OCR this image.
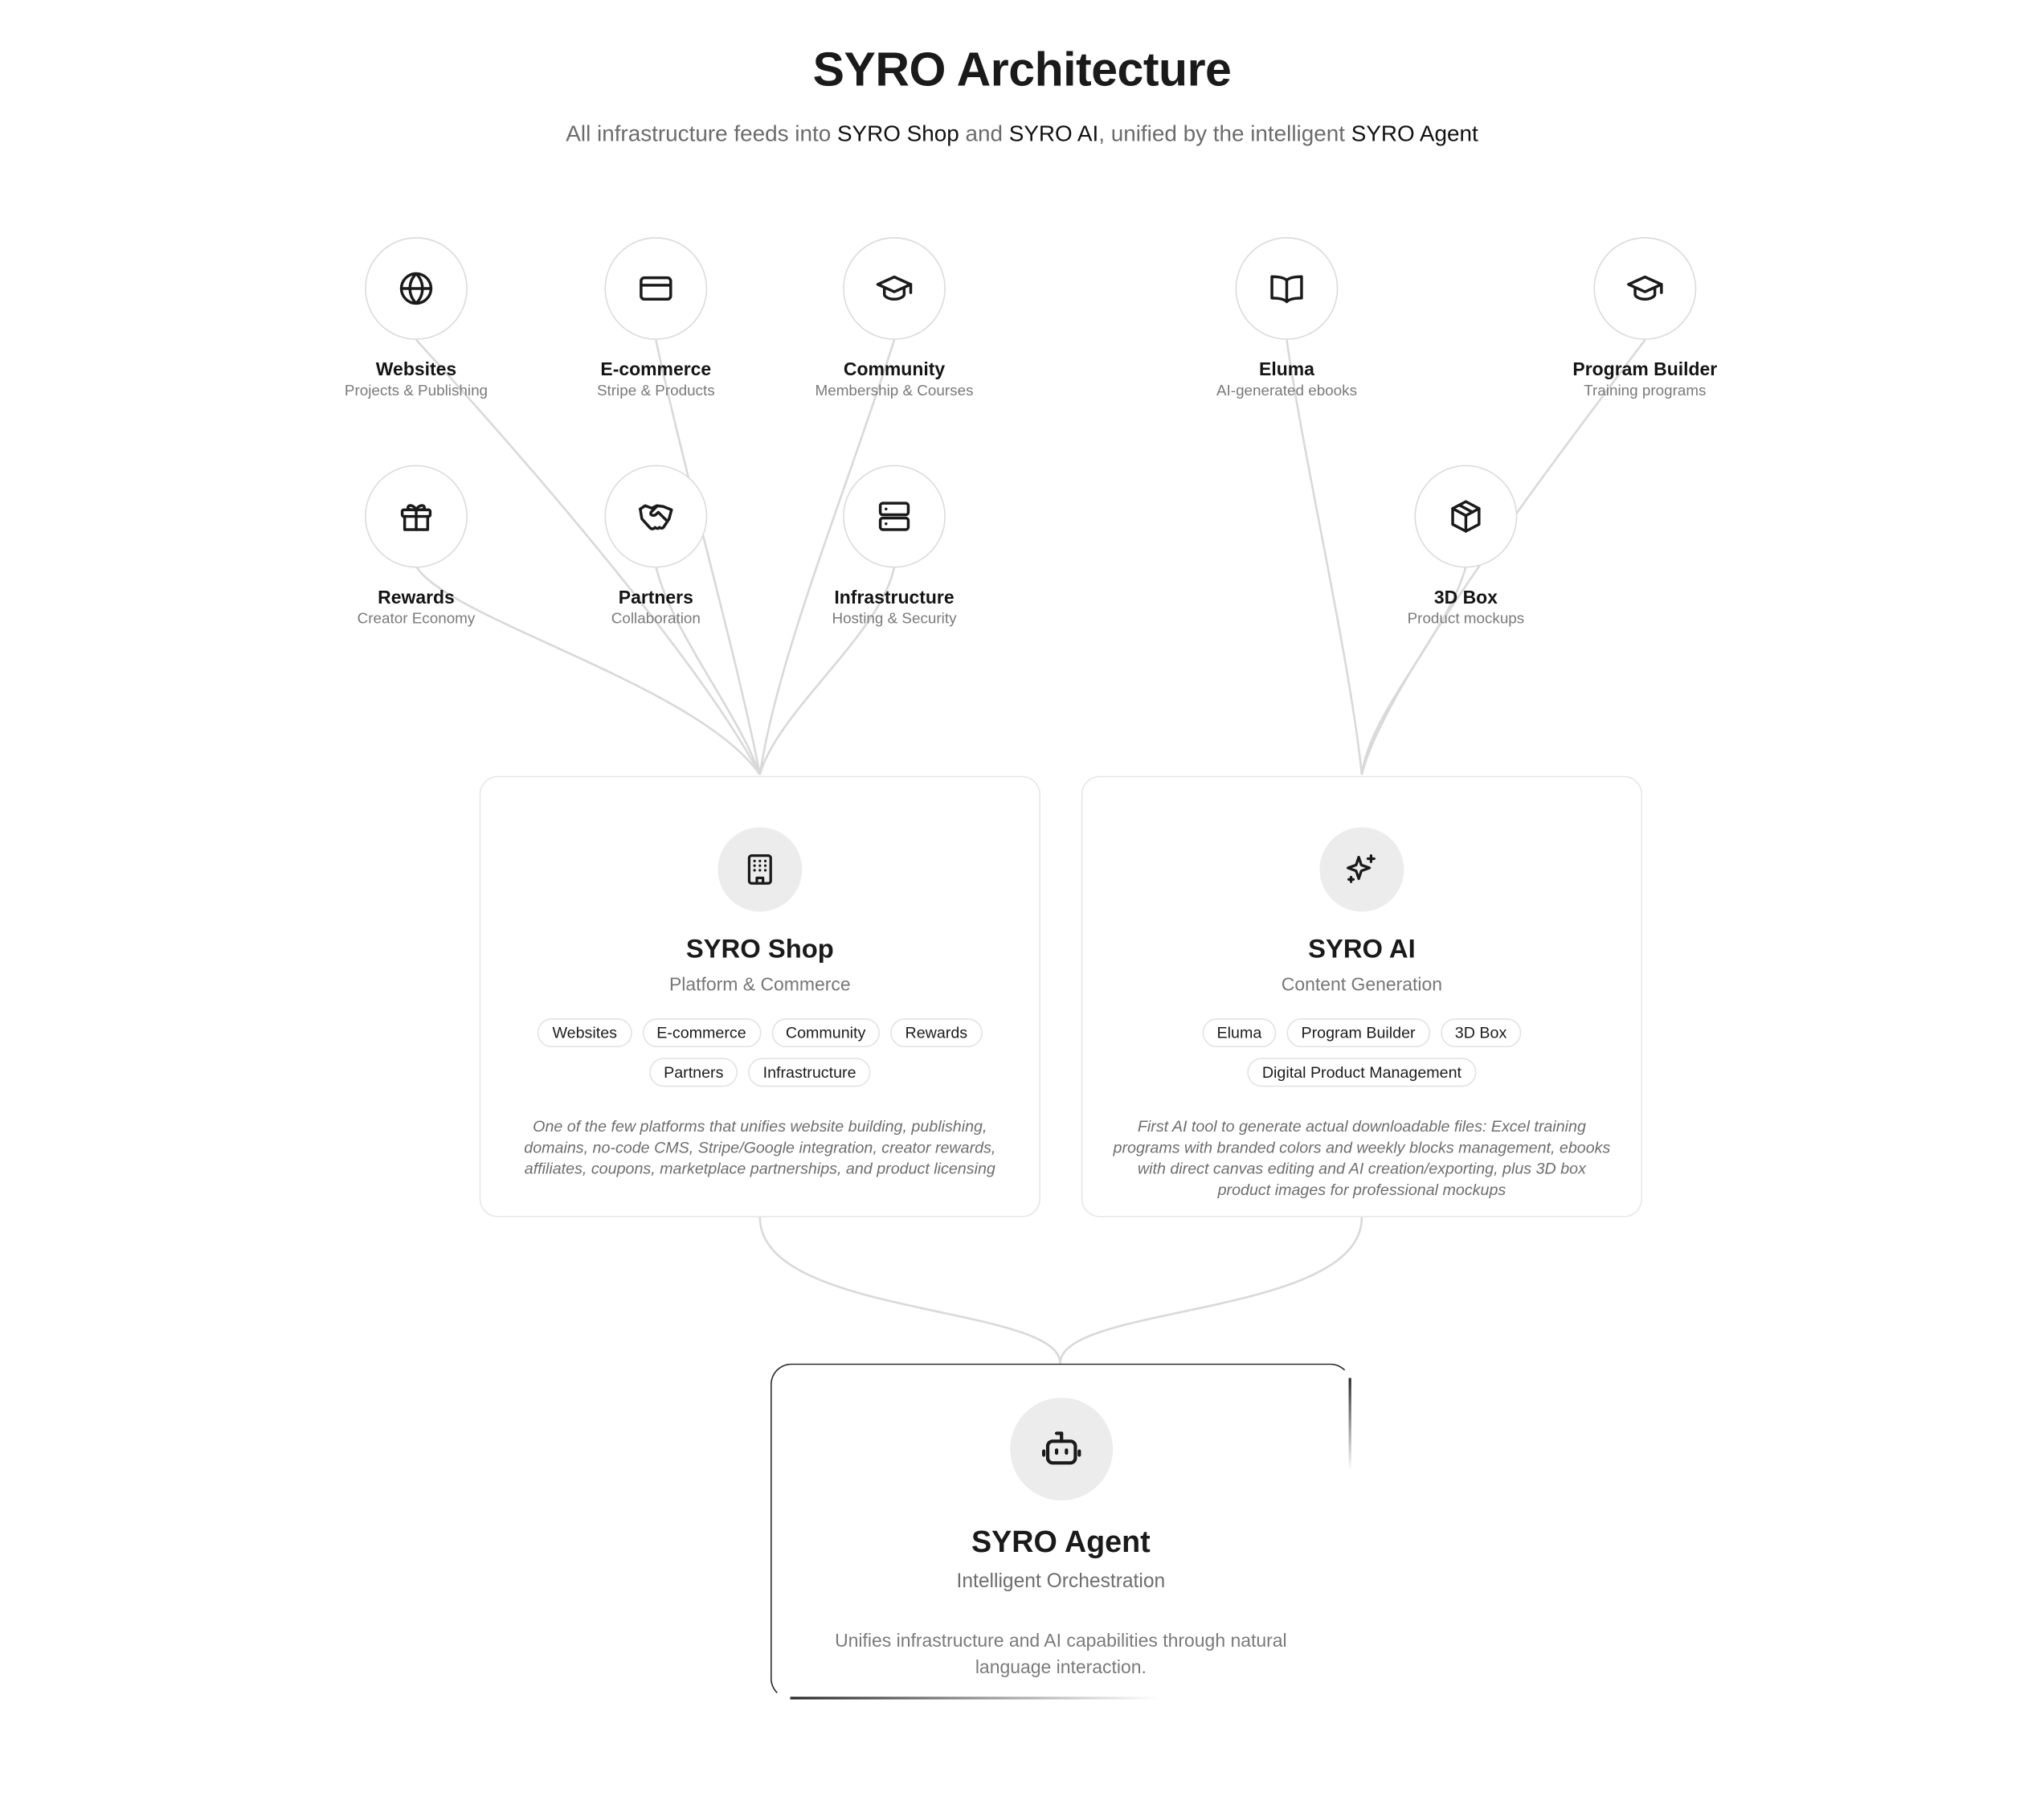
SYRO Architecture
All infrastructure feeds into SYRO Shop and SYRO AI, unified by the intelligent SYRO Agent
Websites
Projects & Publishing
E-commerce
Stripe & Products
Community
Membership & Courses
Rewards
Creator Economy
Partners
Collaboration
Infrastructure
Hosting & Security
Eluma
AI-generated ebooks
Program Builder
Training programs
3D Box
Product mockups
SYRO Shop
Platform & Commerce
Websites	E-commerce	Community	Rewards
Partners	Infrastructure
One of the few platforms that unifies website building, publishing, domains, no-code CMS, Stripe/Google integration, creator rewards, affiliates, coupons, marketplace partnerships, and product licensing
SYRO AI
Content Generation
Eluma	Program Builder	3D Box
Digital Product Management
First AI tool to generate actual downloadable files: Excel training programs with branded colors and weekly blocks management, ebooks with direct canvas editing and AI creation/exporting, plus 3D box product images for professional mockups
SYRO Agent
Intelligent Orchestration
Unifies infrastructure and AI capabilities through natural language interaction.
